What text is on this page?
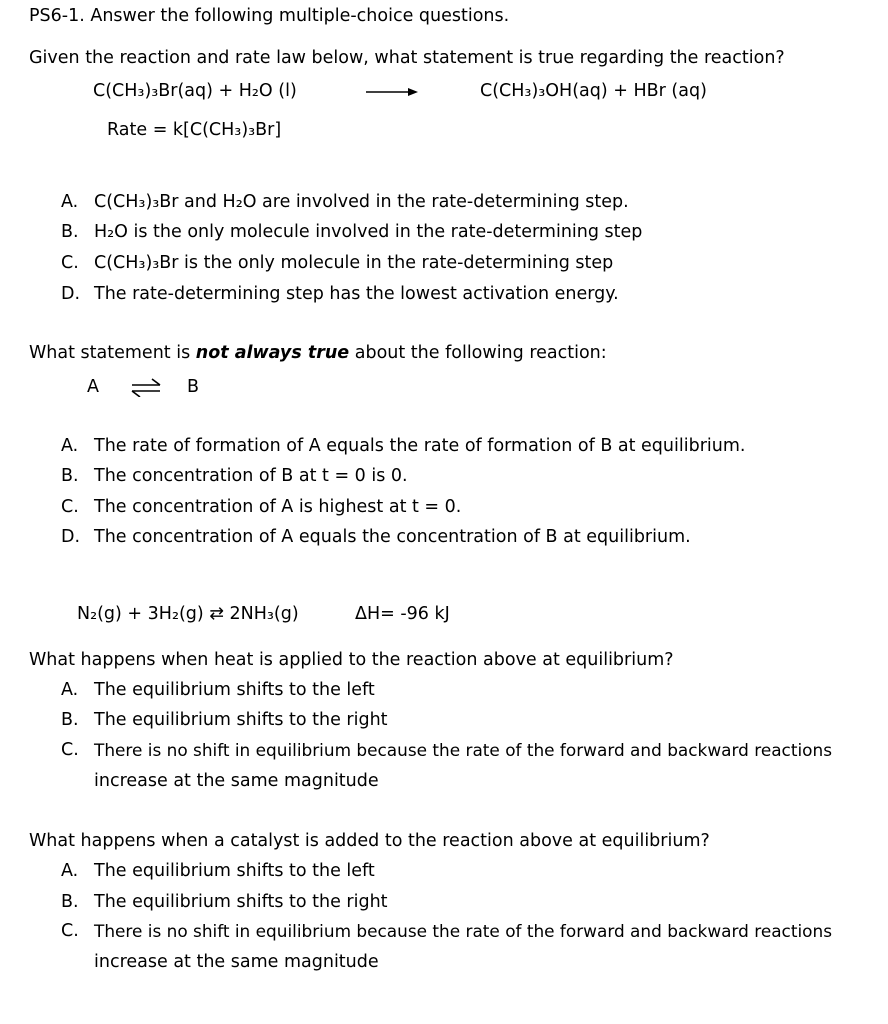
PS6-1. Answer the following multiple-choice questions.
Given the reaction and rate law below, what statement is true regarding the reaction?
C(CH₃)₃Br(aq) + H₂O (l)	C(CH₃)₃OH(aq) + HBr (aq)
Rate = k[C(CH₃)₃Br]
A. C(CH₃)₃Br and H₂O are involved in the rate-determining step.
B. H₂O is the only molecule involved in the rate-determining step
C. C(CH₃)₃Br is the only molecule in the rate-determining step
D. The rate-determining step has the lowest activation energy.
What statement is not always true about the following reaction:
A ⇌ B
A. The rate of formation of A equals the rate of formation of B at equilibrium.
B. The concentration of B at t = 0 is 0.
C. The concentration of A is highest at t = 0.
D. The concentration of A equals the concentration of B at equilibrium.
N₂(g) + 3H₂(g) ⇄ 2NH₃(g)	ΔH= -96 kJ
What happens when heat is applied to the reaction above at equilibrium?
A. The equilibrium shifts to the left
B. The equilibrium shifts to the right
C. There is no shift in equilibrium because the rate of the forward and backward reactions
increase at the same magnitude
What happens when a catalyst is added to the reaction above at equilibrium?
A. The equilibrium shifts to the left
B. The equilibrium shifts to the right
C. There is no shift in equilibrium because the rate of the forward and backward reactions
increase at the same magnitude
